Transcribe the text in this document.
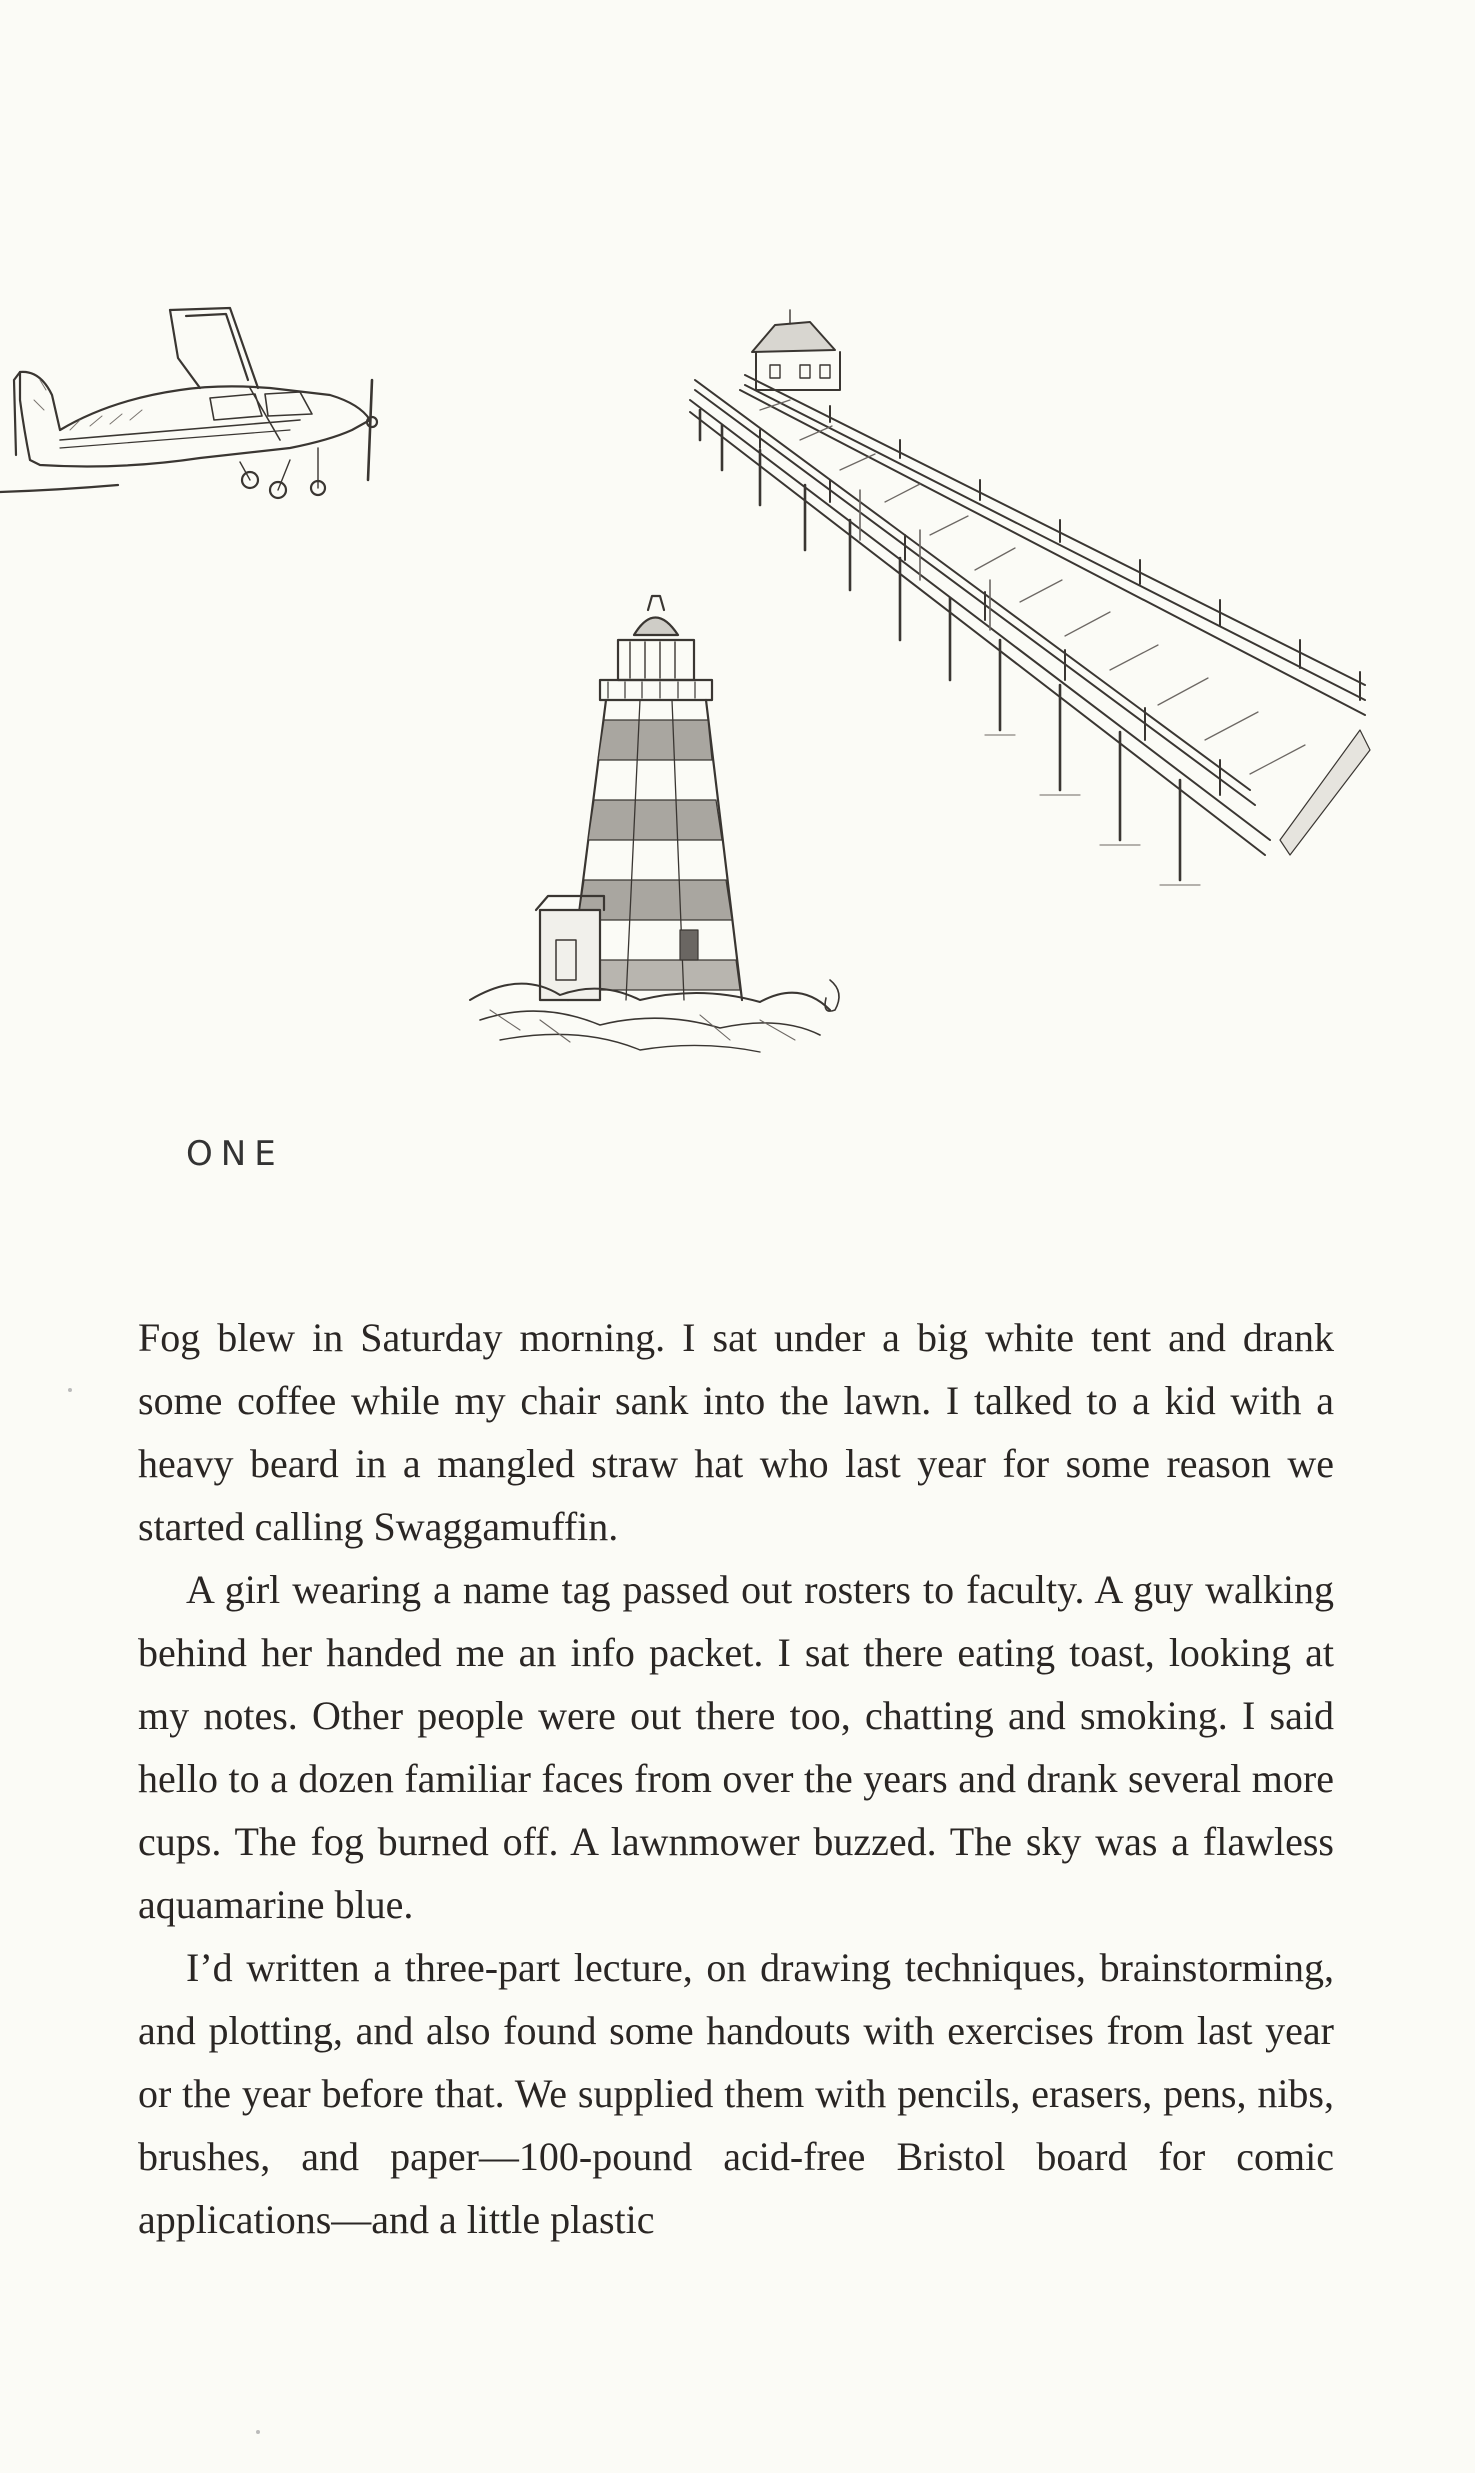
ONE

Fog blew in Saturday morning. I sat under a big white tent and drank some coffee while my chair sank into the lawn. I talked to a kid with a heavy beard in a mangled straw hat who last year for some reason we started calling Swaggamuffin.

A girl wearing a name tag passed out rosters to faculty. A guy walking behind her handed me an info packet. I sat there eating toast, looking at my notes. Other people were out there too, chatting and smoking. I said hello to a dozen familiar faces from over the years and drank several more cups. The fog burned off. A lawnmower buzzed. The sky was a flawless aquamarine blue.

I’d written a three-part lecture, on drawing techniques, brainstorming, and plotting, and also found some handouts with exercises from last year or the year before that. We supplied them with pencils, erasers, pens, nibs, brushes, and paper—100-pound acid-free Bristol board for comic applications—and a little plastic
